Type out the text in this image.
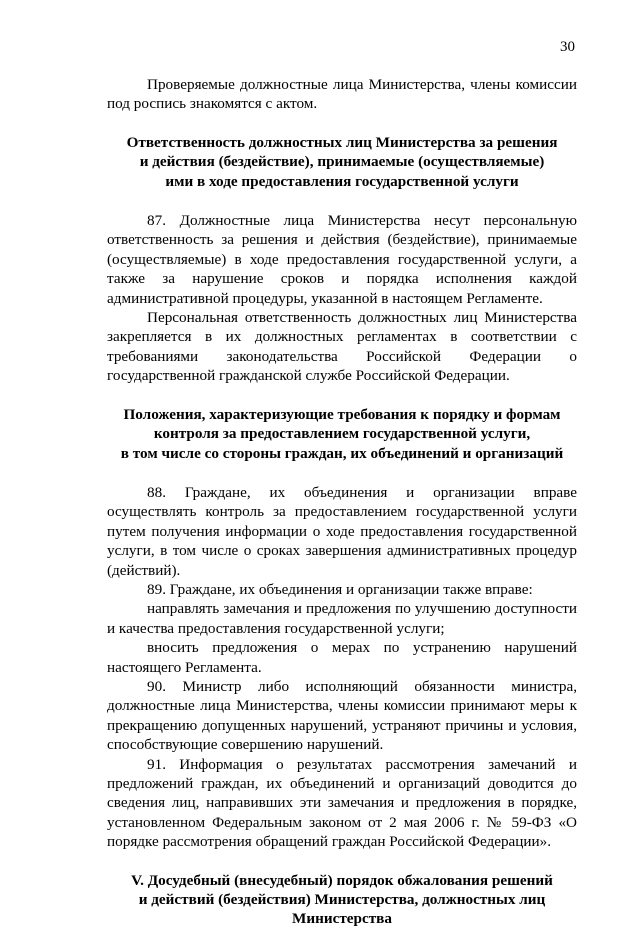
30

Проверяемые должностные лица Министерства, члены комиссии под роспись знакомятся с актом.

Ответственность должностных лиц Министерства за решения
и действия (бездействие), принимаемые (осуществляемые)
ими в ходе предоставления государственной услуги

87. Должностные лица Министерства несут персональную ответственность за решения и действия (бездействие), принимаемые (осуществляемые) в ходе предоставления государственной услуги, а также за нарушение сроков и порядка исполнения каждой административной процедуры, указанной в настоящем Регламенте.

Персональная ответственность должностных лиц Министерства закрепляется в их должностных регламентах в соответствии с требованиями законодательства Российской Федерации о государственной гражданской службе Российской Федерации.

Положения, характеризующие требования к порядку и формам
контроля за предоставлением государственной услуги,
в том числе со стороны граждан, их объединений и организаций

88. Граждане, их объединения и организации вправе осуществлять контроль за предоставлением государственной услуги путем получения информации о ходе предоставления государственной услуги, в том числе о сроках завершения административных процедур (действий).

89. Граждане, их объединения и организации также вправе:

направлять замечания и предложения по улучшению доступности и качества предоставления государственной услуги;

вносить предложения о мерах по устранению нарушений настоящего Регламента.

90. Министр либо исполняющий обязанности министра, должностные лица Министерства, члены комиссии принимают меры к прекращению допущенных нарушений, устраняют причины и условия, способствующие совершению нарушений.

91. Информация о результатах рассмотрения замечаний и предложений граждан, их объединений и организаций доводится до сведения лиц, направивших эти замечания и предложения в порядке, установленном Федеральным законом от 2 мая 2006 г. № 59-ФЗ «О порядке рассмотрения обращений граждан Российской Федерации».

V. Досудебный (внесудебный) порядок обжалования решений
и действий (бездействия) Министерства, должностных лиц
Министерства
